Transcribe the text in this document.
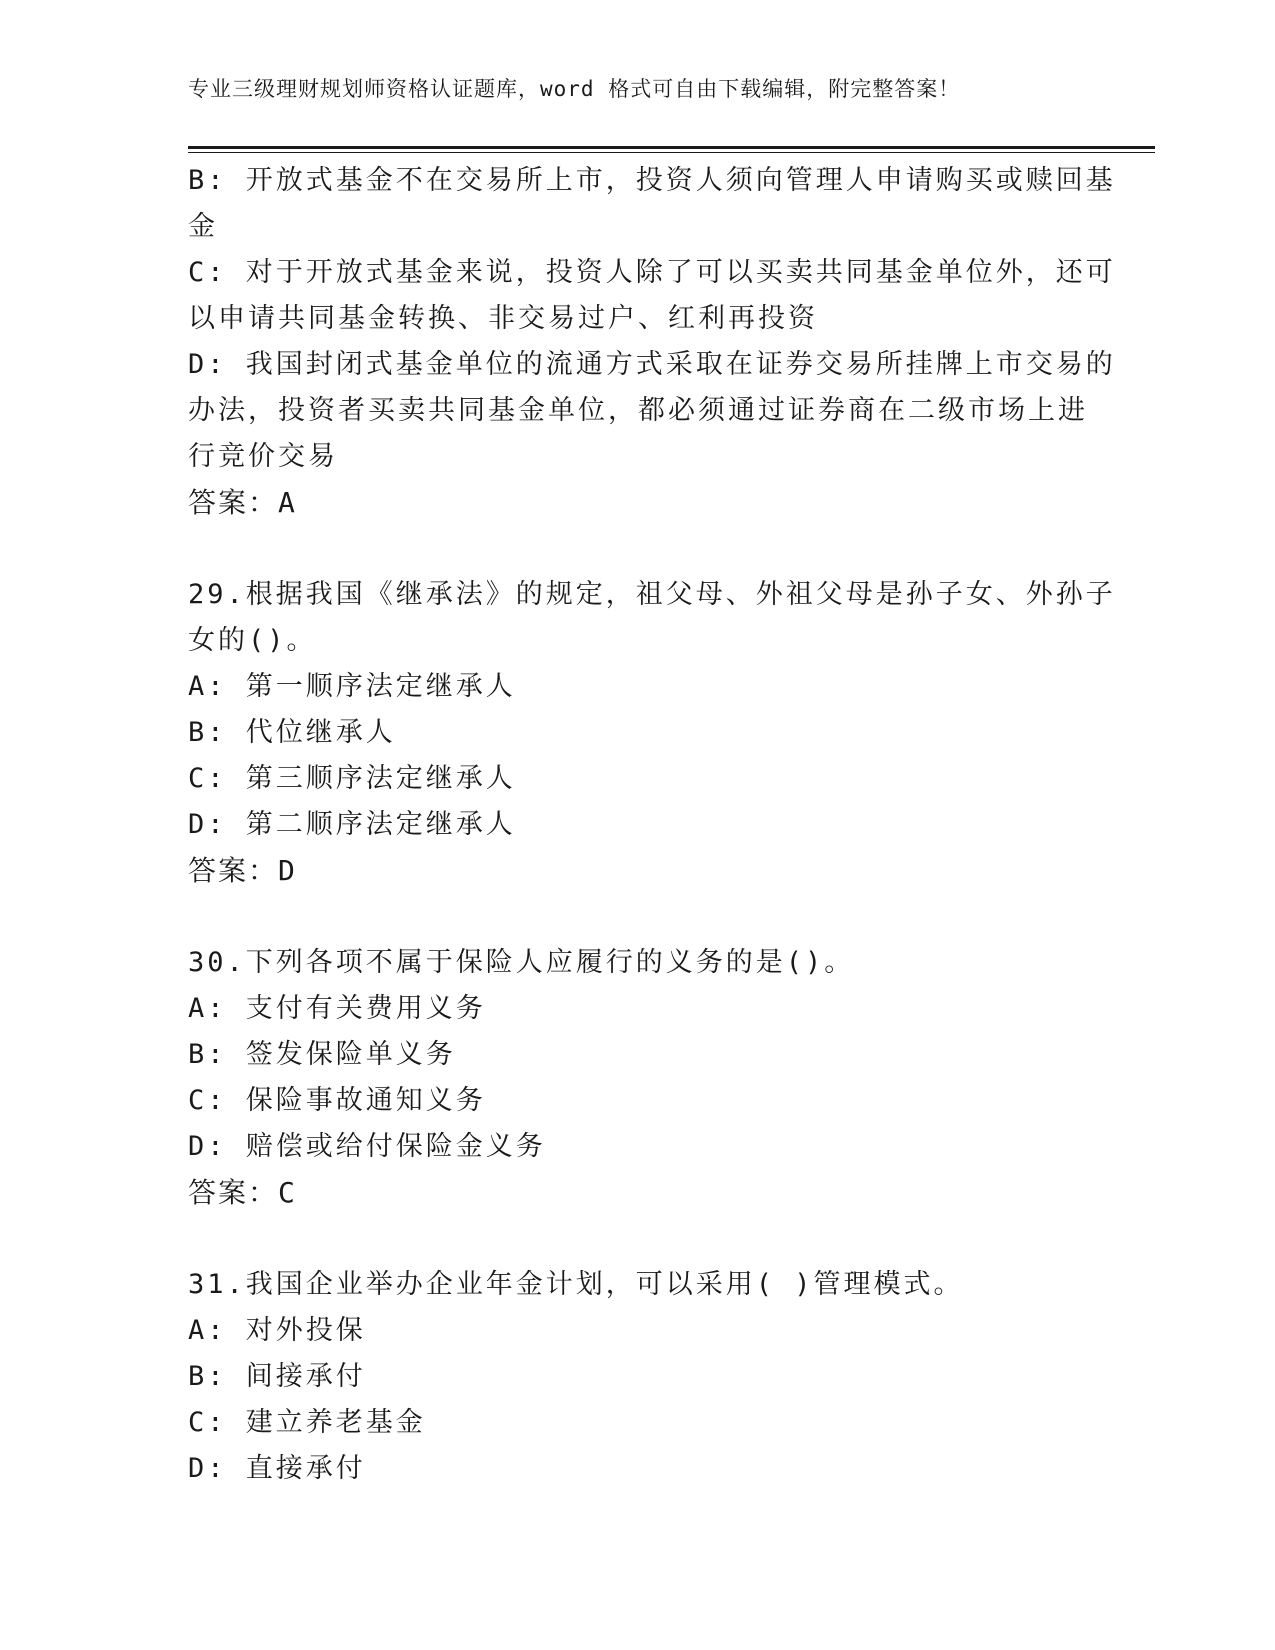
专业三级理财规划师资格认证题库，word 格式可自由下载编辑，附完整答案！
B: 开放式基金不在交易所上市，投资人须向管理人申请购买或赎回基
金
C: 对于开放式基金来说，投资人除了可以买卖共同基金单位外，还可
以申请共同基金转换、非交易过户、红利再投资
D: 我国封闭式基金单位的流通方式采取在证券交易所挂牌上市交易的
办法，投资者买卖共同基金单位，都必须通过证券商在二级市场上进
行竞价交易
答案：A
29.根据我国《继承法》的规定，祖父母、外祖父母是孙子女、外孙子
女的()。
A: 第一顺序法定继承人
B: 代位继承人
C: 第三顺序法定继承人
D: 第二顺序法定继承人
答案：D
30.下列各项不属于保险人应履行的义务的是()。
A: 支付有关费用义务
B: 签发保险单义务
C: 保险事故通知义务
D: 赔偿或给付保险金义务
答案：C
31.我国企业举办企业年金计划，可以采用( )管理模式。
A: 对外投保
B: 间接承付
C: 建立养老基金
D: 直接承付
